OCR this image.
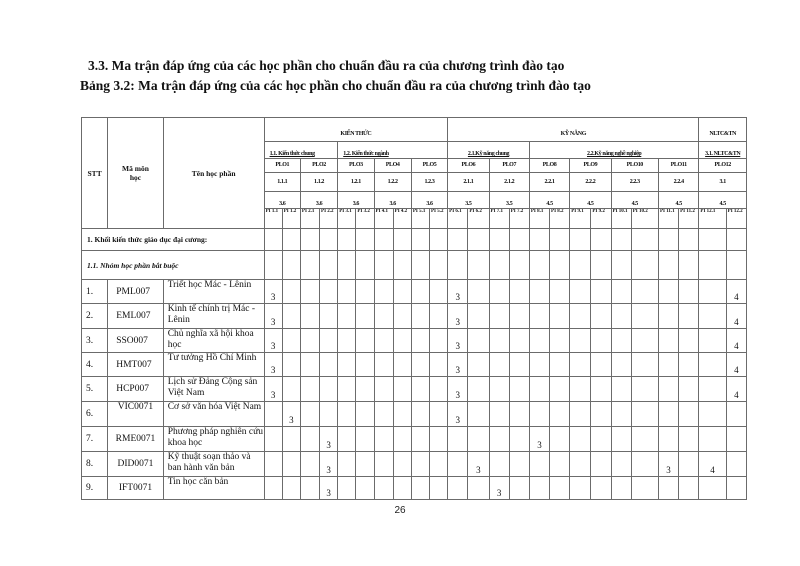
3.3. Ma trận đáp ứng của các học phần cho chuẩn đầu ra của chương trình đào tạo
Bảng 3.2: Ma trận đáp ứng của các học phần cho chuẩn đầu ra của chương trình đào tạo
STT	Mã môn học	Tên học phần	KIẾN THỨC										KỸ NĂNG												NLTC&TN	
			1.1. Kiến thức chung				1.2. Kiến thức ngành						2.1.Kỹ năng chung				2.2.Kỹ năng nghề nghiệp								3.1. NLTC&TN	
			PLO1		PLO2		PLO3		PLO4		PLO5		PLO6		PLO7		PLO8		PLO9		PLO10		PLO11		PLO12	
			1.1.1		1.1.2		1.2.1		1.2.2		1.2.3		2.1.1		2.1.2		2.2.1		2.2.2		2.2.3		2.2.4		3.1	
			3.6		3.6		3.6		3.6		3.6		3.5		3.5		4.5		4.5		4.5		4.5		4.5	
			PI 1.1	PI 1.2	PI 2.1	PI 2.2	PI 3.1	PI 3.2	PI 4.1	PI 4.2	PI 5.1	PI 5.2	PI 6.1	PI 6.2	PI 7.1	PI 7.2	PI 8.1	PI 8.2	PI 9.1	PI 9.2	PI 10.1	PI 10.2	PI 11.1	PI 11.2	PI 12.1	PI 12.2
1. Khối kiến thức giáo dục đại cương:																										
1.1. Nhóm học phần bắt buộc																										
1.	PML007	Triết học Mác - Lênin	3										3													4
2.	EML007	Kinh tế chính trị Mác - Lênin	3										3													4
3.	SSO007	Chủ nghĩa xã hội khoa học	3										3													4
4.	HMT007	Tư tưởng Hồ Chí Minh	3										3													4
5.	HCP007	Lịch sử Đảng Cộng sản Việt Nam	3										3													4
6.	VIC0071	Cơ sở văn hóa Việt Nam		3									3													
7.	RME0071	Phương pháp nghiên cứu khoa học				3											3									
8.	DID0071	Kỹ thuật soạn thảo và ban hành văn bản				3								3									3		4	
9.	IFT0071	Tin học căn bản				3									3											
26
